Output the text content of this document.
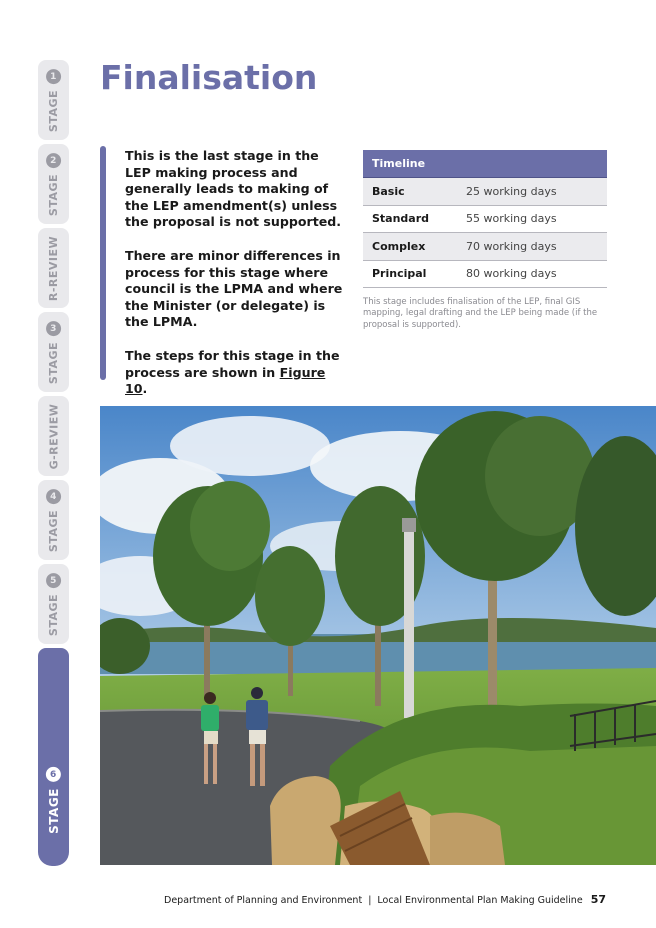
STAGE
1
STAGE
2
R-REVIEW
STAGE
3
G-REVIEW
STAGE
4
STAGE
5
STAGE
6
Finalisation

This is the last stage in the LEP making process and generally leads to making of the LEP amendment(s) unless the proposal is not supported.

There are minor differences in process for this stage where council is the LPMA and where the Minister (or delegate) is the LPMA.

The steps for this stage in the process are shown in Figure 10.

Timeline
Basic	25 working days
Standard	55 working days
Complex	70 working days
Principal	80 working days

This stage includes finalisation of the LEP, final GIS mapping, legal drafting and the LEP being made (if the proposal is supported).

Department of Planning and Environment | Local Environmental Plan Making Guideline 57
